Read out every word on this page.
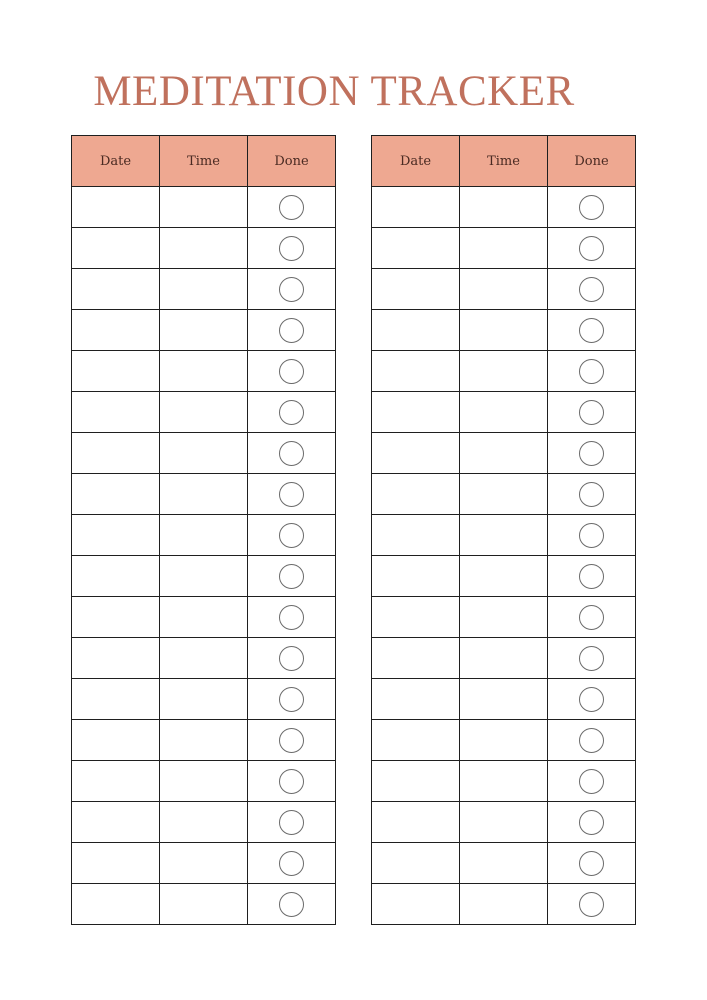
MEDITATION TRACKER
Date	Time	Done

			Date	Time	Done
